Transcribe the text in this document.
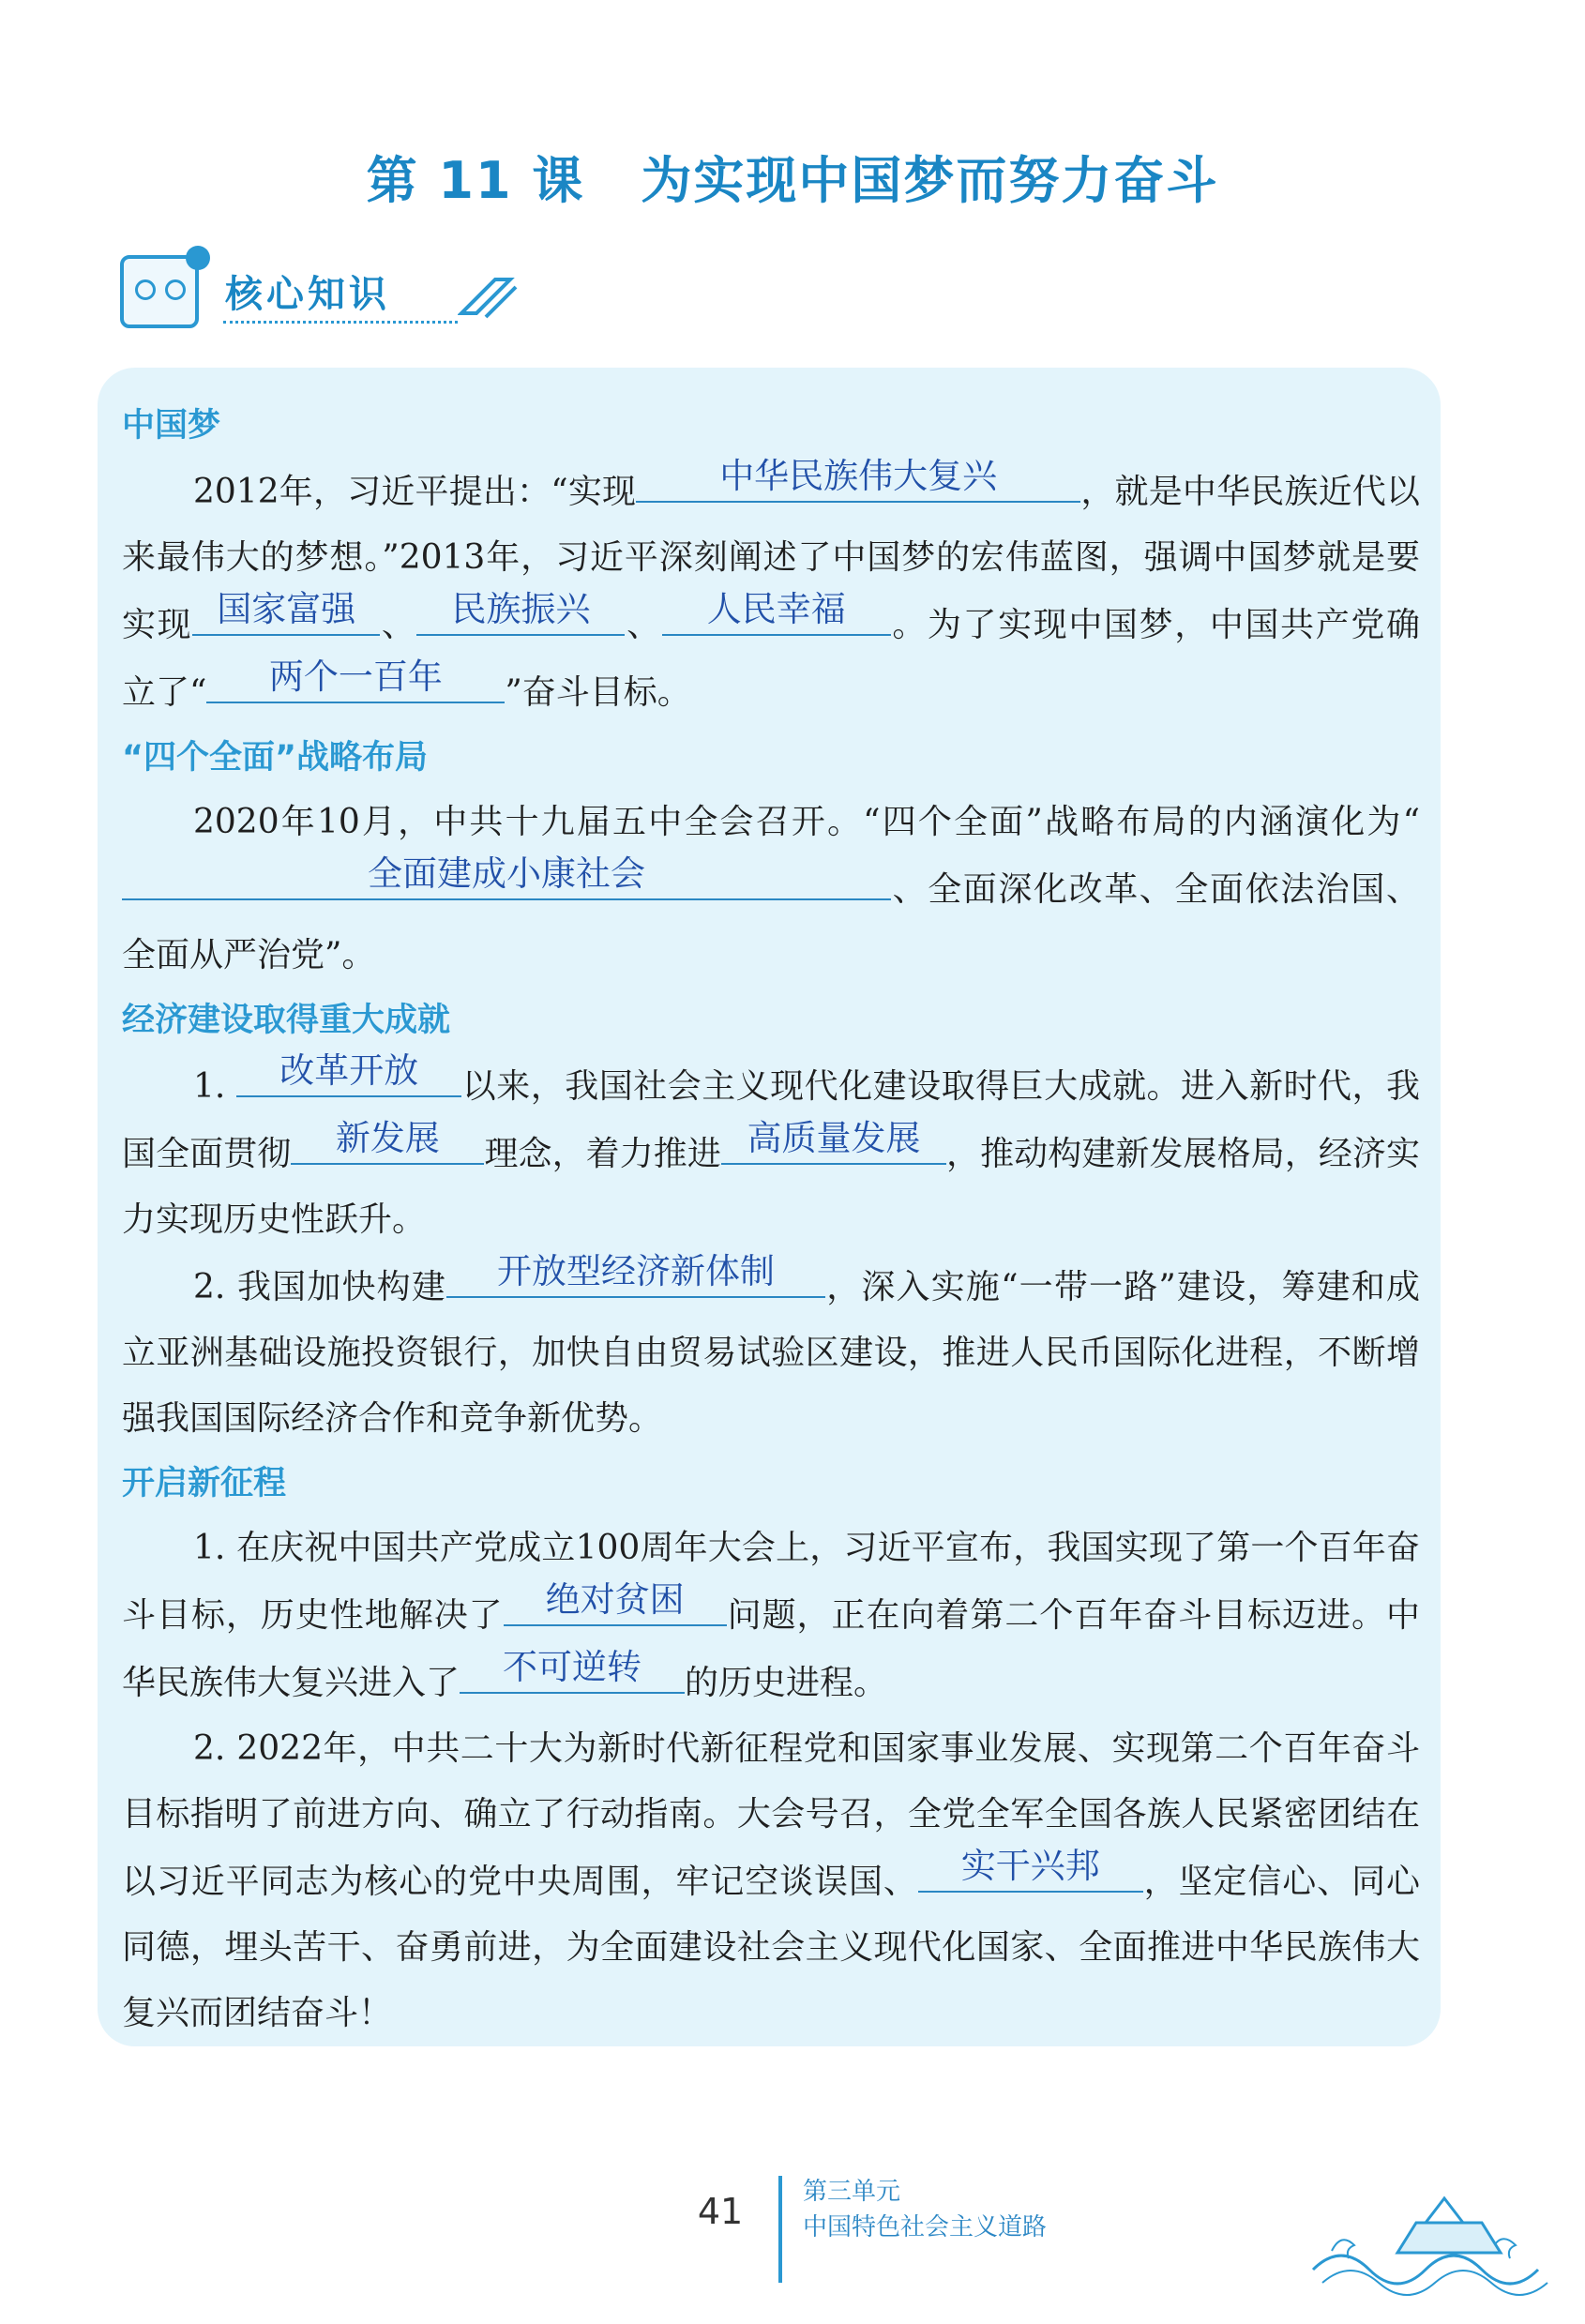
第 11 课 为实现中国梦而努力奋斗
核心知识
中国梦

2012年，习近平提出：“实现	中华民族伟大复兴	，就是中华民族近代以来最伟大的梦想。”2013年，习近平深刻阐述了中国梦的宏伟蓝图，强调中国梦就是要实现 国家富强 、	民族振兴	、	人民幸福	。为了实现中国梦，中国共产党确立了“	两个一百年	”奋斗目标。

“四个全面”战略布局

2020年10月，中共十九届五中全会召开。“四个全面”战略布局的内涵演化为“
全面建成小康社会	、全面深化改革、全面依法治国、全面从严治党”。

经济建设取得重大成就

1.	改革开放	以来，我国社会主义现代化建设取得巨大成就。进入新时代，我国全面贯彻	新发展	理念，着力推进 高质量发展 ，推动构建新发展格局，经济实力实现历史性跃升。

2. 我国加快构建	开放型经济新体制	，深入实施“一带一路”建设，筹建和成立亚洲基础设施投资银行，加快自由贸易试验区建设，推进人民币国际化进程，不断增强我国国际经济合作和竞争新优势。

开启新征程

1. 在庆祝中国共产党成立100周年大会上，习近平宣布，我国实现了第一个百年奋斗目标，历史性地解决了	绝对贫困	问题，正在向着第二个百年奋斗目标迈进。中华民族伟大复兴进入了	不可逆转	的历史进程。

2. 2022年，中共二十大为新时代新征程党和国家事业发展、实现第二个百年奋斗目标指明了前进方向、确立了行动指南。大会号召，全党全军全国各族人民紧密团结在以习近平同志为核心的党中央周围，牢记空谈误国、	实干兴邦	，坚定信心、同心同德，埋头苦干、奋勇前进，为全面建设社会主义现代化国家、全面推进中华民族伟大复兴而团结奋斗！

41 第三单元
中国特色社会主义道路
